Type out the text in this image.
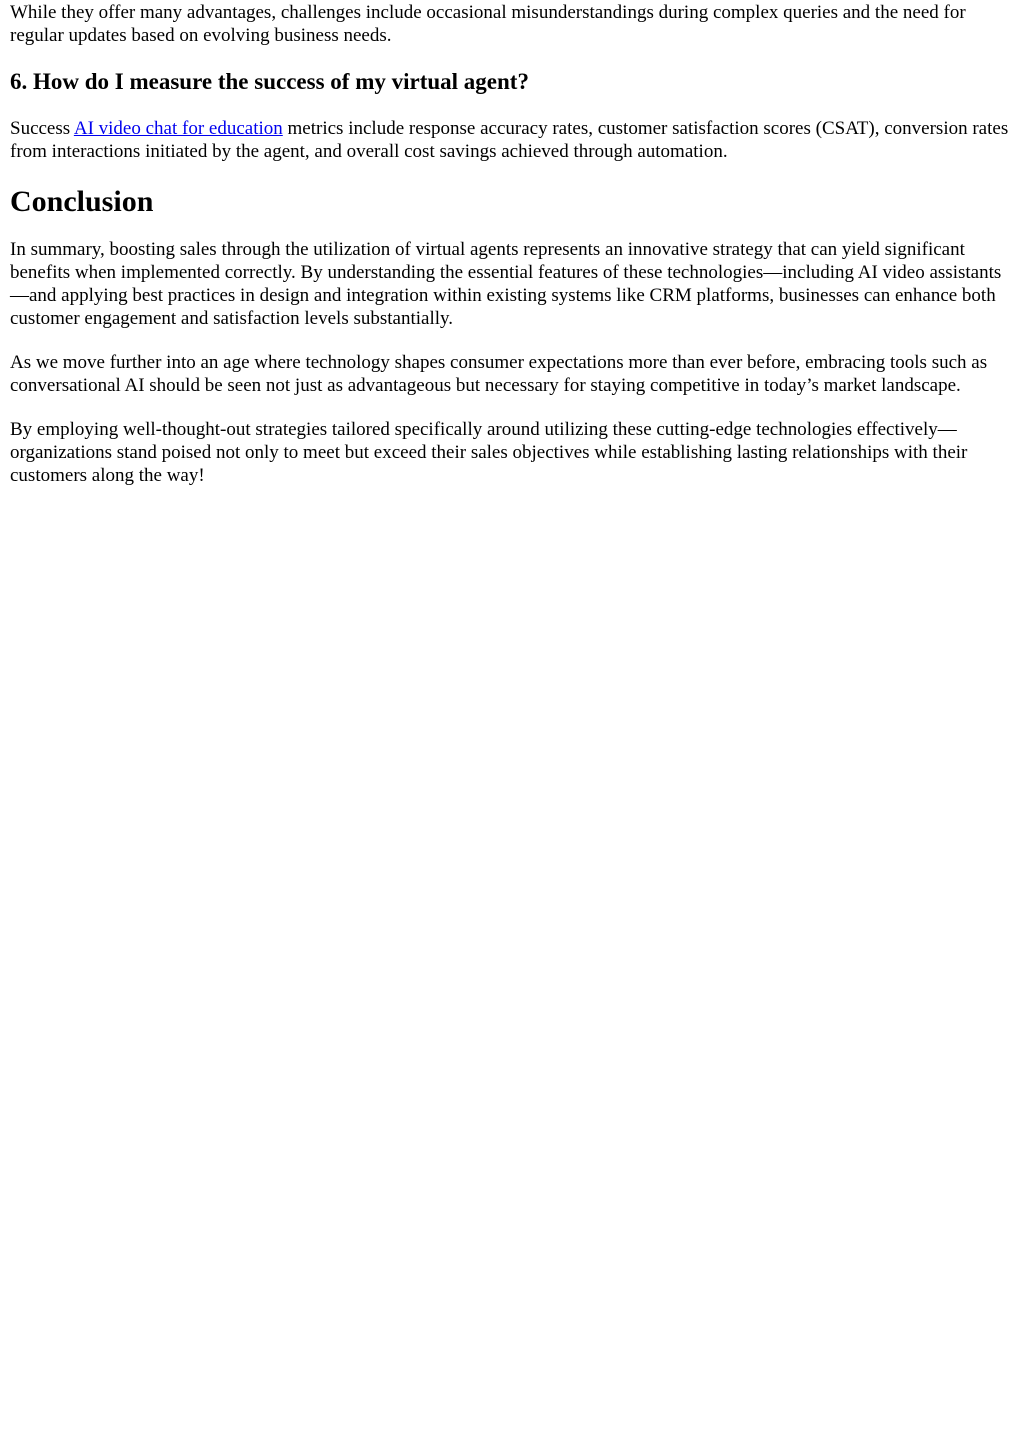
While they offer many advantages, challenges include occasional misunderstandings during complex queries and the need for regular updates based on evolving business needs.

6. How do I measure the success of my virtual agent?

Success AI video chat for education metrics include response accuracy rates, customer satisfaction scores (CSAT), conversion rates from interactions initiated by the agent, and overall cost savings achieved through automation.

Conclusion

In summary, boosting sales through the utilization of virtual agents represents an innovative strategy that can yield significant benefits when implemented correctly. By understanding the essential features of these technologies—including AI video assistants—and applying best practices in design and integration within existing systems like CRM platforms, businesses can enhance both customer engagement and satisfaction levels substantially.

As we move further into an age where technology shapes consumer expectations more than ever before, embracing tools such as conversational AI should be seen not just as advantageous but necessary for staying competitive in today’s market landscape.

By employing well-thought-out strategies tailored specifically around utilizing these cutting-edge technologies effectively—organizations stand poised not only to meet but exceed their sales objectives while establishing lasting relationships with their customers along the way!
